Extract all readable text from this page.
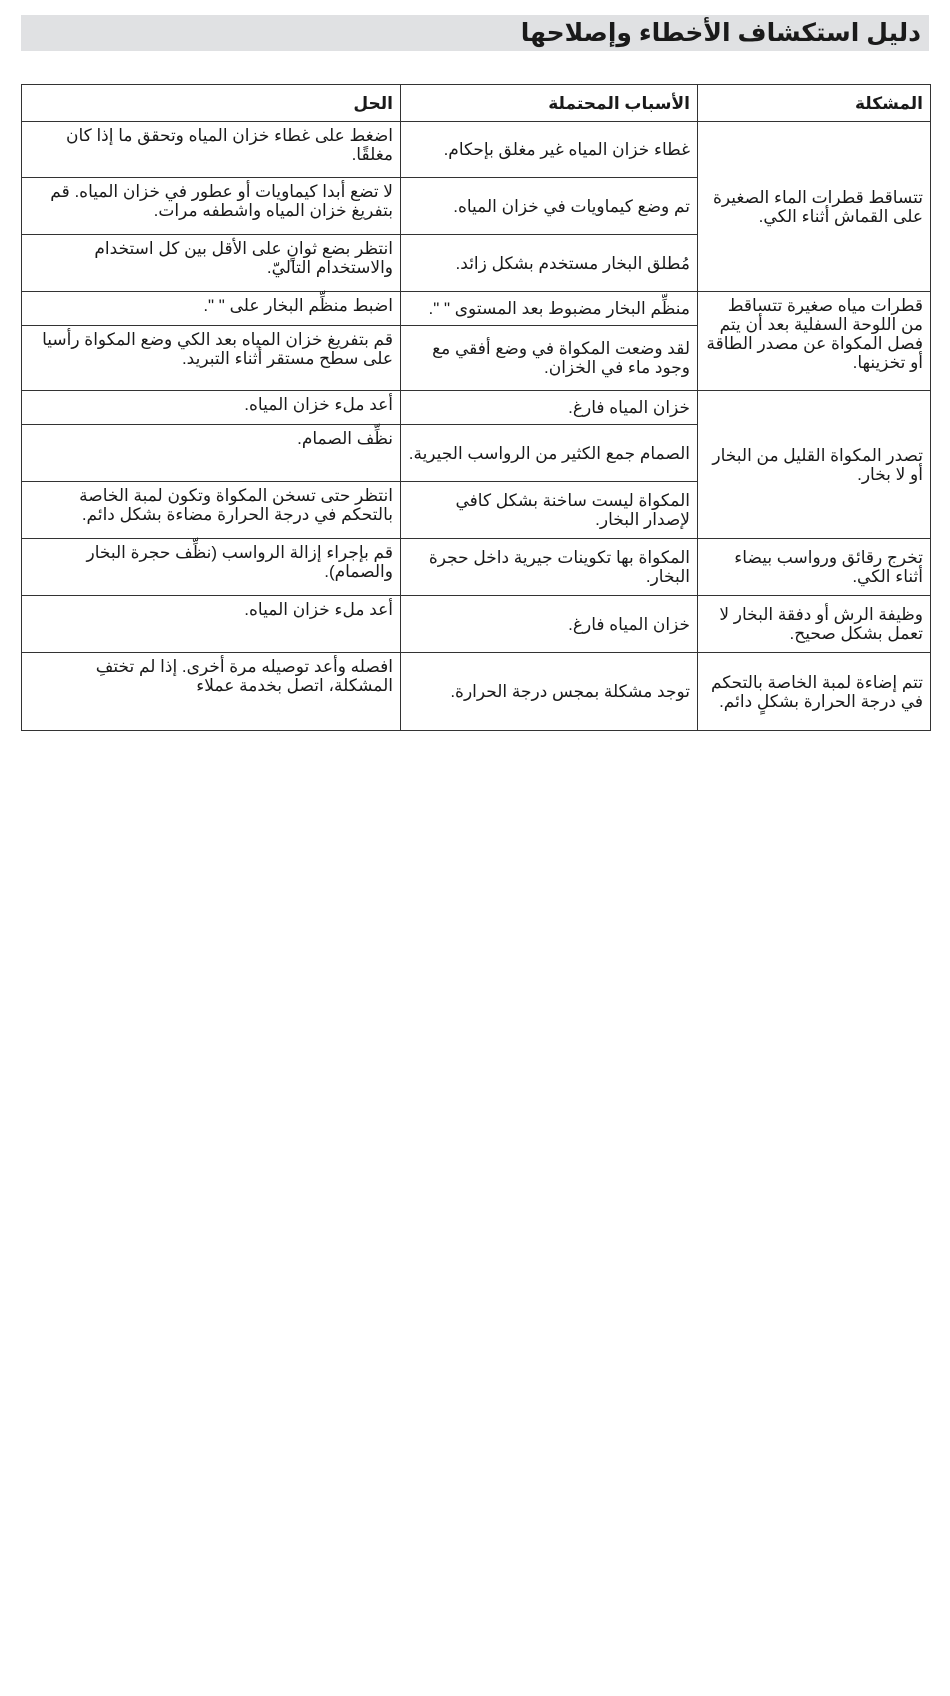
دليل استكشاف الأخطاء وإصلاحها
المشكلة	الأسباب المحتملة	الحل
تتساقط قطرات الماء الصغيرة على القماش أثناء الكي.	غطاء خزان المياه غير مغلق بإحكام.	اضغط على غطاء خزان المياه وتحقق ما إذا كان مغلقًا.
	تم وضع كيماويات في خزان المياه.	لا تضع أبدا كيماويات أو عطور في خزان المياه. قم بتفريغ خزان المياه واشطفه مرات.
	مُطلق البخار مستخدم بشكل زائد.	انتظر بضع ثوانٍ على الأقل بين كل استخدام والاستخدام التاليّ.
قطرات مياه صغيرة تتساقط من اللوحة السفلية بعد أن يتم فصل المكواة عن مصدر الطاقة أو تخزينها.	منظِّم البخار مضبوط بعد المستوى " ".	اضبط منظِّم البخار على " ".
	لقد وضعت المكواة في وضع أفقي مع وجود ماء في الخزان.	قم بتفريغ خزان المياه بعد الكي وضع المكواة رأسيا على سطح مستقر أثناء التبريد.
تصدر المكواة القليل من البخار أو لا بخار.	خزان المياه فارغ.	أعد ملء خزان المياه.
	الصمام جمع الكثير من الرواسب الجيرية.	نظِّف الصمام.
	المكواة ليست ساخنة بشكل كافي لإصدار البخار.	انتظر حتى تسخن المكواة وتكون لمبة الخاصة بالتحكم في درجة الحرارة مضاءة بشكل دائم.
تخرج رقائق ورواسب بيضاء أثناء الكي.	المكواة بها تكوينات جيرية داخل حجرة البخار.	قم بإجراء إزالة الرواسب (نظِّف حجرة البخار والصمام).
وظيفة الرش أو دفقة البخار لا تعمل بشكل صحيح.	خزان المياه فارغ.	أعد ملء خزان المياه.
تتم إضاءة لمبة الخاصة بالتحكم في درجة الحرارة بشكلٍ دائم.	توجد مشكلة بمجس درجة الحرارة.	افصله وأعد توصيله مرة أخرى. إذا لم تختفِ المشكلة، اتصل بخدمة عملاء
